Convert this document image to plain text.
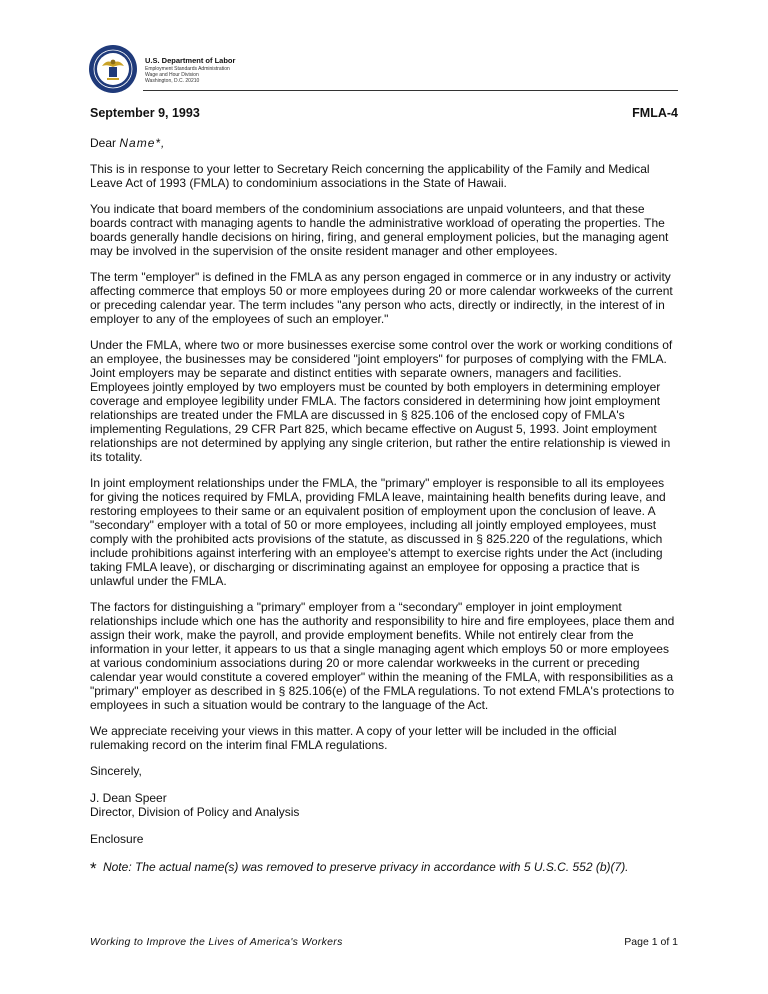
U.S. Department of Labor
Employment Standards Administration
Wage and Hour Division
Washington, D.C. 20210
September 9, 1993	FMLA-4
Dear Name*,

This is in response to your letter to Secretary Reich concerning the applicability of the Family and Medical Leave Act of 1993 (FMLA) to condominium associations in the State of Hawaii.

You indicate that board members of the condominium associations are unpaid volunteers, and that these boards contract with managing agents to handle the administrative workload of operating the properties. The boards generally handle decisions on hiring, firing, and general employment policies, but the managing agent may be involved in the supervision of the onsite resident manager and other employees.

The term "employer" is defined in the FMLA as any person engaged in commerce or in any industry or activity affecting commerce that employs 50 or more employees during 20 or more calendar workweeks of the current or preceding calendar year. The term includes "any person who acts, directly or indirectly, in the interest of in employer to any of the employees of such an employer."

Under the FMLA, where two or more businesses exercise some control over the work or working conditions of an employee, the businesses may be considered "joint employers" for purposes of complying with the FMLA. Joint employers may be separate and distinct entities with separate owners, managers and facilities. Employees jointly employed by two employers must be counted by both employers in determining employer coverage and employee legibility under FMLA. The factors considered in determining how joint employment relationships are treated under the FMLA are discussed in § 825.106 of the enclosed copy of FMLA's implementing Regulations, 29 CFR Part 825, which became effective on August 5, 1993. Joint employment relationships are not determined by applying any single criterion, but rather the entire relationship is viewed in its totality.

In joint employment relationships under the FMLA, the "primary" employer is responsible to all its employees for giving the notices required by FMLA, providing FMLA leave, maintaining health benefits during leave, and restoring employees to their same or an equivalent position of employment upon the conclusion of leave. A "secondary" employer with a total of 50 or more employees, including all jointly employed employees, must comply with the prohibited acts provisions of the statute, as discussed in § 825.220 of the regulations, which include prohibitions against interfering with an employee's attempt to exercise rights under the Act (including taking FMLA leave), or discharging or discriminating against an employee for opposing a practice that is unlawful under the FMLA.

The factors for distinguishing a "primary" employer from a “secondary" employer in joint employment relationships include which one has the authority and responsibility to hire and fire employees, place them and assign their work, make the payroll, and provide employment benefits. While not entirely clear from the information in your letter, it appears to us that a single managing agent which employs 50 or more employees at various condominium associations during 20 or more calendar workweeks in the current or preceding calendar year would constitute a covered employer" within the meaning of the FMLA, with responsibilities as a "primary" employer as described in § 825.106(e) of the FMLA regulations. To not extend FMLA's protections to employees in such a situation would be contrary to the language of the Act.

We appreciate receiving your views in this matter. A copy of your letter will be included in the official rulemaking record on the interim final FMLA regulations.

Sincerely,
J. Dean Speer
Director, Division of Policy and Analysis
Enclosure
* Note: The actual name(s) was removed to preserve privacy in accordance with 5 U.S.C. 552 (b)(7).
Working to Improve the Lives of America's Workers	Page 1 of 1
